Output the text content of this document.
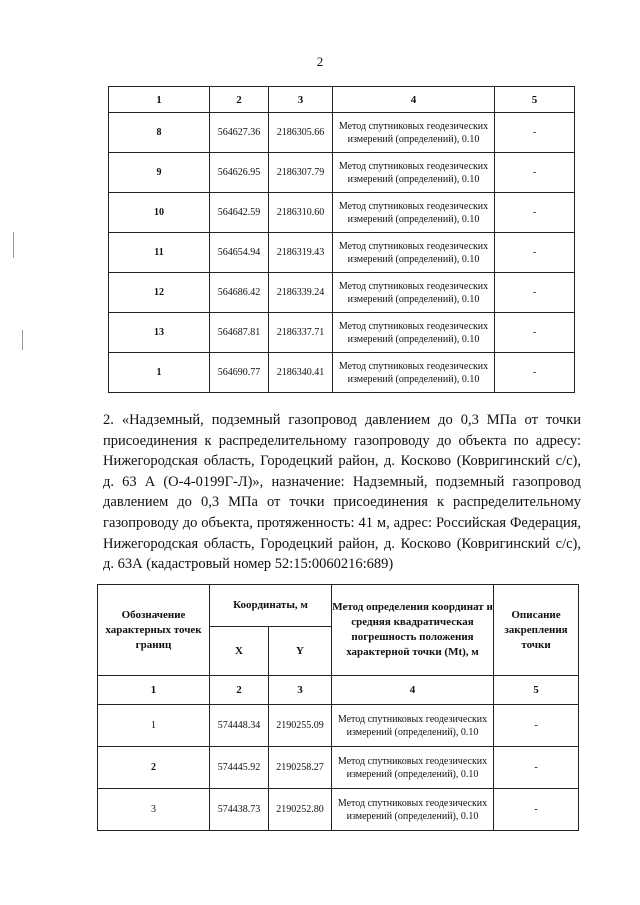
2
1	2	3	4	5
8	564627.36	2186305.66	Метод спутниковых геодезических измерений (определений), 0.10	-
9	564626.95	2186307.79	Метод спутниковых геодезических измерений (определений), 0.10	-
10	564642.59	2186310.60	Метод спутниковых геодезических измерений (определений), 0.10	-
11	564654.94	2186319.43	Метод спутниковых геодезических измерений (определений), 0.10	-
12	564686.42	2186339.24	Метод спутниковых геодезических измерений (определений), 0.10	-
13	564687.81	2186337.71	Метод спутниковых геодезических измерений (определений), 0.10	-
1	564690.77	2186340.41	Метод спутниковых геодезических измерений (определений), 0.10	-
2. «Надземный, подземный газопровод давлением до 0,3 МПа от точки присоединения к распределительному газопроводу до объекта по адресу: Нижегородская область, Городецкий район, д. Косково (Ковригинский с/с), д. 63 А (О-4-0199Г-Л)», назначение: Надземный, подземный газопровод давлением до 0,3 МПа от точки присоединения к распределительному газопроводу до объекта, протяженность: 41 м, адрес: Российская Федерация, Нижегородская область, Городецкий район, д. Косково (Ковригинский с/с), д. 63А (кадастровый номер 52:15:0060216:689)
Обозначение характерных точек границ	Координаты, м		Метод определения координат и средняя квадратическая погрешность положения характерной точки (Mt), м	Описание закрепления точки
	X	Y		
1	2	3	4	5
1	574448.34	2190255.09	Метод спутниковых геодезических измерений (определений), 0.10	-
2	574445.92	2190258.27	Метод спутниковых геодезических измерений (определений), 0.10	-
3	574438.73	2190252.80	Метод спутниковых геодезических измерений (определений), 0.10	-
